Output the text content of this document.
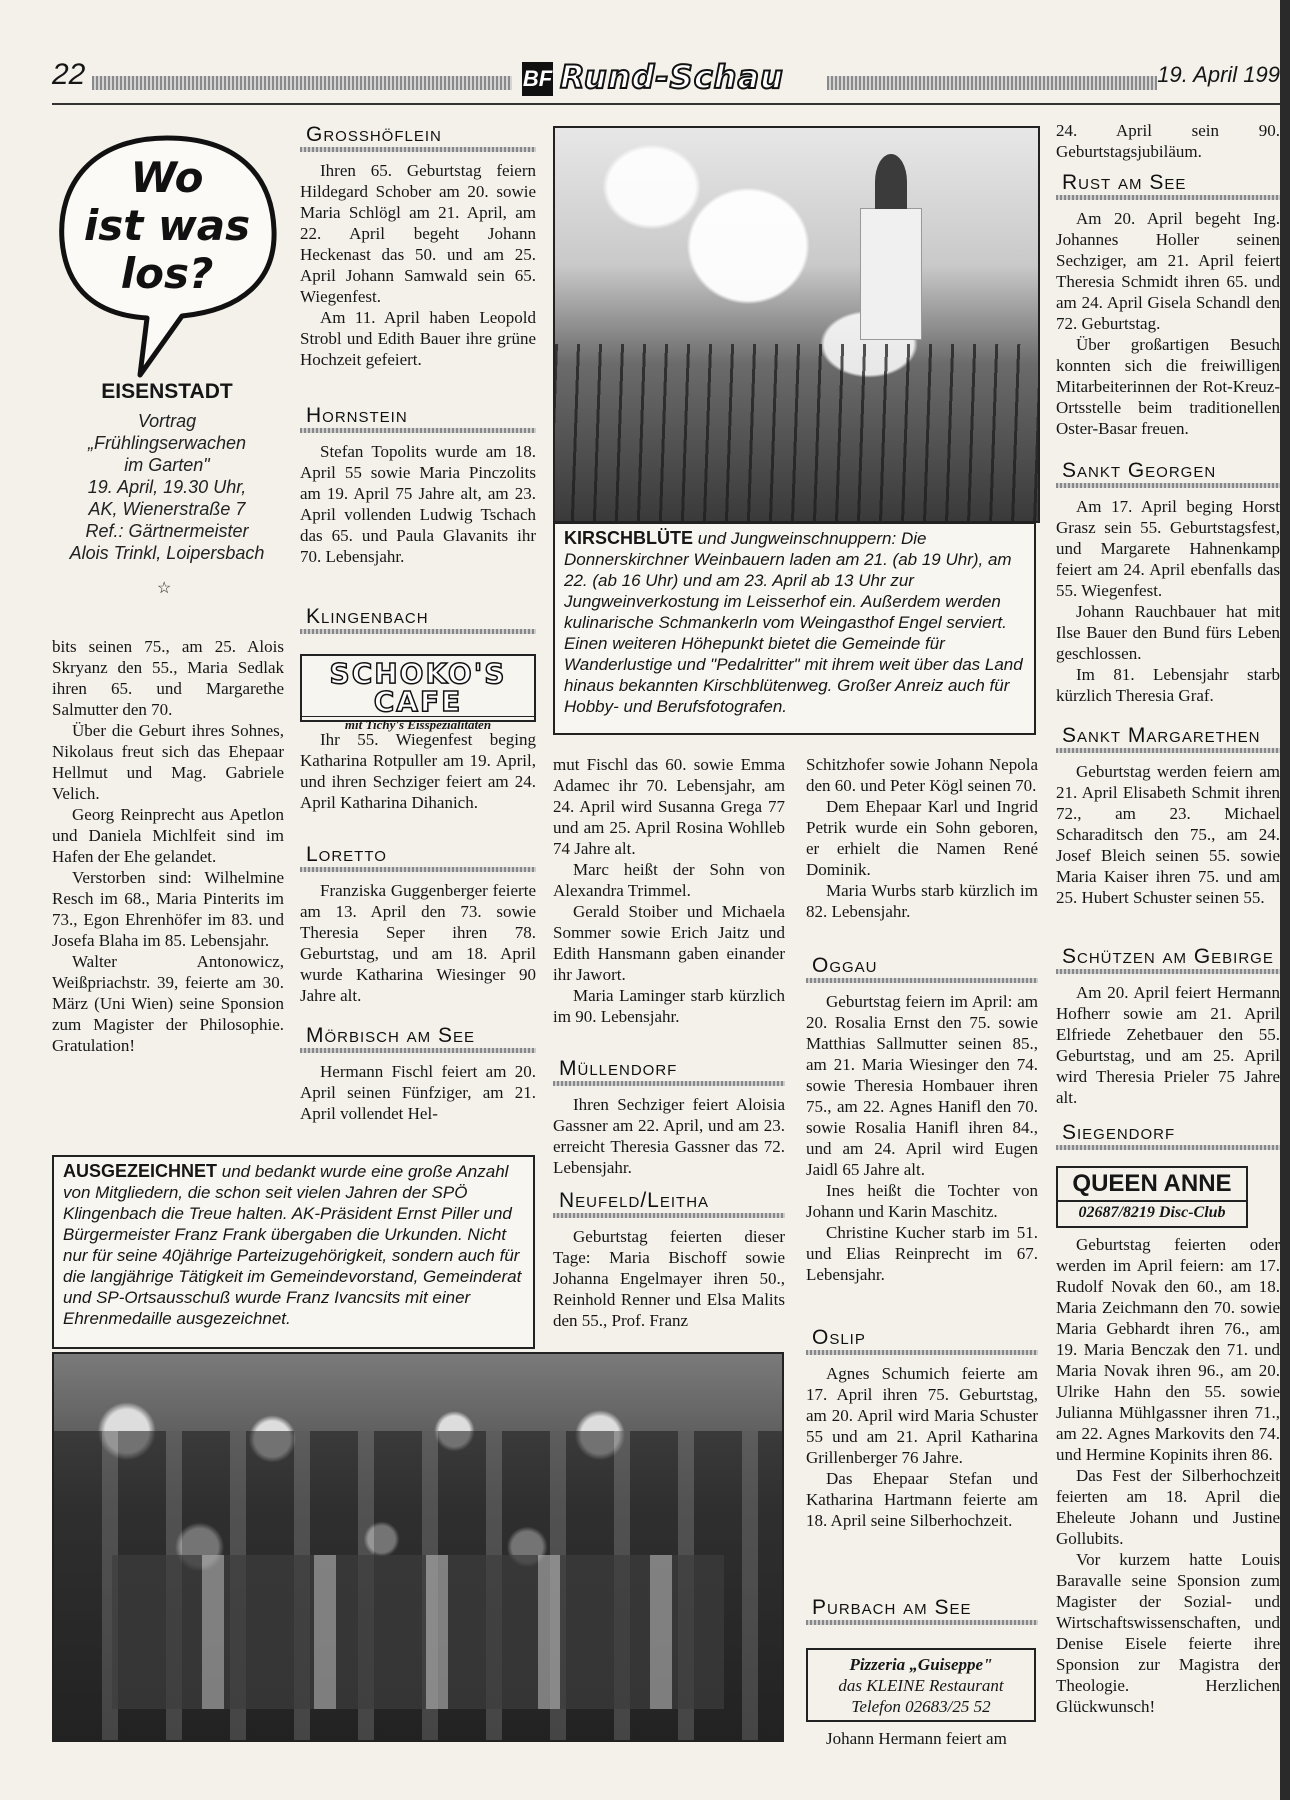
22	BF Rund-Schau	19. April 199
Wo
ist was
los?
EISENSTADT
Vortrag
„Frühlingserwachen
im Garten"
19. April, 19.30 Uhr,
AK, Wienerstraße 7
Ref.: Gärtnermeister
Alois Trinkl, Loipersbach
☆

bits seinen 75., am 25. Alois Skryanz den 55., Maria Sedlak ihren 65. und Margarethe Salmutter den 70.

Über die Geburt ihres Sohnes, Nikolaus freut sich das Ehepaar Hellmut und Mag. Gabriele Velich.

Georg Reinprecht aus Apetlon und Daniela Michlfeit sind im Hafen der Ehe gelandet.

Verstorben sind: Wilhelmine Resch im 68., Maria Pinterits im 73., Egon Ehrenhöfer im 83. und Josefa Blaha im 85. Lebensjahr.

Walter Antonowicz, Weißpriachstr. 39, feierte am 30. März (Uni Wien) seine Sponsion zum Magister der Philosophie. Gratulation!

Grosshöflein

Ihren 65. Geburtstag feiern Hildegard Schober am 20. sowie Maria Schlögl am 21. April, am 22. April begeht Johann Heckenast das 50. und am 25. April Johann Samwald sein 65. Wiegenfest.

Am 11. April haben Leopold Strobl und Edith Bauer ihre grüne Hochzeit gefeiert.

Hornstein

Stefan Topolits wurde am 18. April 55 sowie Maria Pinczolits am 19. April 75 Jahre alt, am 23. April vollenden Ludwig Tschach das 65. und Paula Glavanits ihr 70. Lebensjahr.

Klingenbach
SCHOKO'S CAFE
mit Tichy's Eisspezialitäten

Ihr 55. Wiegenfest beging Katharina Rotpuller am 19. April, und ihren Sechziger feiert am 24. April Katharina Dihanich.

Loretto

Franziska Guggenberger feierte am 13. April den 73. sowie Theresia Seper ihren 78. Geburtstag, und am 18. April wurde Katharina Wiesinger 90 Jahre alt.

Mörbisch am See

Hermann Fischl feiert am 20. April seinen Fünfziger, am 21. April vollendet Hel-

KIRSCHBLÜTE und Jungweinschnuppern: Die Donnerskirchner Weinbauern laden am 21. (ab 19 Uhr), am 22. (ab 16 Uhr) und am 23. April ab 13 Uhr zur Jungweinverkostung im Leisserhof ein. Außerdem werden kulinarische Schmankerln vom Weingasthof Engel serviert. Einen weiteren Höhepunkt bietet die Gemeinde für Wanderlustige und "Pedalritter" mit ihrem weit über das Land hinaus bekannten Kirschblütenweg. Großer Anreiz auch für Hobby- und Berufsfotografen.

mut Fischl das 60. sowie Emma Adamec ihr 70. Lebensjahr, am 24. April wird Susanna Grega 77 und am 25. April Rosina Wohlleb 74 Jahre alt.

Marc heißt der Sohn von Alexandra Trimmel.

Gerald Stoiber und Michaela Sommer sowie Erich Jaitz und Edith Hansmann gaben einander ihr Jawort.

Maria Laminger starb kürzlich im 90. Lebensjahr.

Müllendorf

Ihren Sechziger feiert Aloisia Gassner am 22. April, und am 23. erreicht Theresia Gassner das 72. Lebensjahr.

Neufeld/Leitha

Geburtstag feierten dieser Tage: Maria Bischoff sowie Johanna Engelmayer ihren 50., Reinhold Renner und Elsa Malits den 55., Prof. Franz

Schitzhofer sowie Johann Nepola den 60. und Peter Kögl seinen 70.

Dem Ehepaar Karl und Ingrid Petrik wurde ein Sohn geboren, er erhielt die Namen René Dominik.

Maria Wurbs starb kürzlich im 82. Lebensjahr.

Oggau

Geburtstag feiern im April: am 20. Rosalia Ernst den 75. sowie Matthias Sallmutter seinen 85., am 21. Maria Wiesinger den 74. sowie Theresia Hombauer ihren 75., am 22. Agnes Hanifl den 70. sowie Rosalia Hanifl ihren 84., und am 24. April wird Eugen Jaidl 65 Jahre alt.

Ines heißt die Tochter von Johann und Karin Maschitz.

Christine Kucher starb im 51. und Elias Reinprecht im 67. Lebensjahr.

Oslip

Agnes Schumich feierte am 17. April ihren 75. Geburtstag, am 20. April wird Maria Schuster 55 und am 21. April Katharina Grillenberger 76 Jahre.

Das Ehepaar Stefan und Katharina Hartmann feierte am 18. April seine Silberhochzeit.

Purbach am See
Pizzeria „Guiseppe"
das KLEINE Restaurant
Telefon 02683/25 52

Johann Hermann feiert am

24. April sein 90. Geburtstagsjubiläum.

Rust am See

Am 20. April begeht Ing. Johannes Holler seinen Sechziger, am 21. April feiert Theresia Schmidt ihren 65. und am 24. April Gisela Schandl den 72. Geburtstag.

Über großartigen Besuch konnten sich die freiwilligen Mitarbeiterinnen der Rot-Kreuz-Ortsstelle beim traditionellen Oster-Basar freuen.

Sankt Georgen

Am 17. April beging Horst Grasz sein 55. Geburtstagsfest, und Margarete Hahnenkamp feiert am 24. April ebenfalls das 55. Wiegenfest.

Johann Rauchbauer hat mit Ilse Bauer den Bund fürs Leben geschlossen.

Im 81. Lebensjahr starb kürzlich Theresia Graf.

Sankt Margarethen

Geburtstag werden feiern am 21. April Elisabeth Schmit ihren 72., am 23. Michael Scharaditsch den 75., am 24. Josef Bleich seinen 55. sowie Maria Kaiser ihren 75. und am 25. Hubert Schuster seinen 55.

Schützen am Gebirge

Am 20. April feiert Hermann Hofherr sowie am 21. April Elfriede Zehetbauer den 55. Geburtstag, und am 25. April wird Theresia Prieler 75 Jahre alt.

Siegendorf
QUEEN ANNE
02687/8219 Disc-Club

Geburtstag feierten oder werden im April feiern: am 17. Rudolf Novak den 60., am 18. Maria Zeichmann den 70. sowie Maria Gebhardt ihren 76., am 19. Maria Benczak den 71. und Maria Novak ihren 96., am 20. Ulrike Hahn den 55. sowie Julianna Mühlgassner ihren 71., am 22. Agnes Markovits den 74. und Hermine Kopinits ihren 86.

Das Fest der Silberhochzeit feierten am 18. April die Eheleute Johann und Justine Gollubits.

Vor kurzem hatte Louis Baravalle seine Sponsion zum Magister der Sozial- und Wirtschaftswissenschaften, und Denise Eisele feierte ihre Sponsion zur Magistra der Theologie. Herzlichen Glückwunsch!

AUSGEZEICHNET und bedankt wurde eine große Anzahl von Mitgliedern, die schon seit vielen Jahren der SPÖ Klingenbach die Treue halten. AK-Präsident Ernst Piller und Bürgermeister Franz Frank übergaben die Urkunden. Nicht nur für seine 40jährige Parteizugehörigkeit, sondern auch für die langjährige Tätigkeit im Gemeindevorstand, Gemeinderat und SP-Ortsausschuß wurde Franz Ivancsits mit einer Ehrenmedaille ausgezeichnet.
